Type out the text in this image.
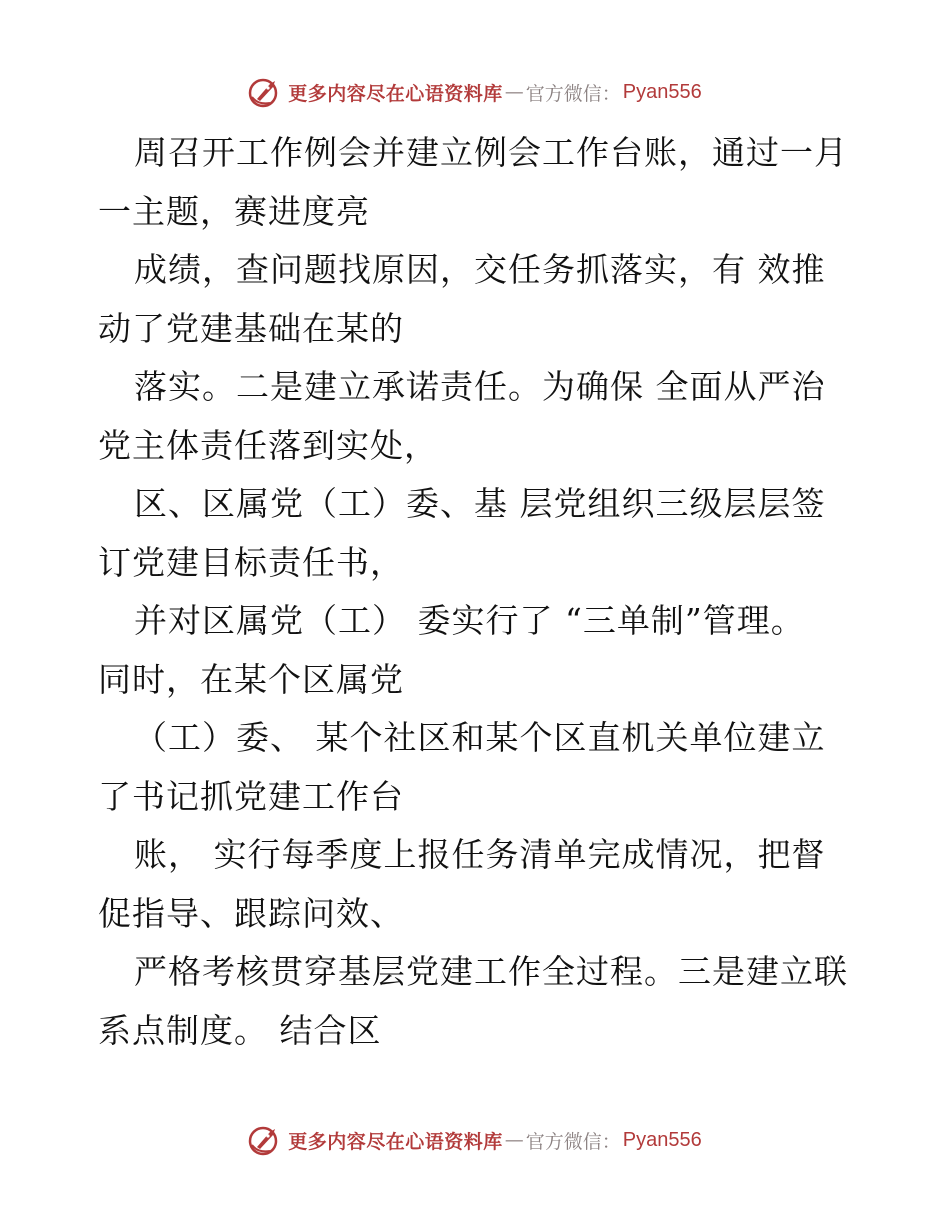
更多内容尽在心语资料库 — 官方微信： Pyan556
周召开工作例会并建立例会工作台账，通过一月
一主题，赛进度亮
成绩，查问题找原因，交任务抓落实，有 效推
动了党建基础在某的
落实。二是建立承诺责任。为确保 全面从严治
党主体责任落到实处，
区、区属党（工）委、基 层党组织三级层层签
订党建目标责任书，
并对区属党（工） 委实行了 “三单制”管理。
同时，在某个区属党
（工）委、 某个社区和某个区直机关单位建立
了书记抓党建工作台
账， 实行每季度上报任务清单完成情况，把督
促指导、跟踪问效、
严格考核贯穿基层党建工作全过程。三是建立联
系点制度。 结合区
更多内容尽在心语资料库 — 官方微信： Pyan556
